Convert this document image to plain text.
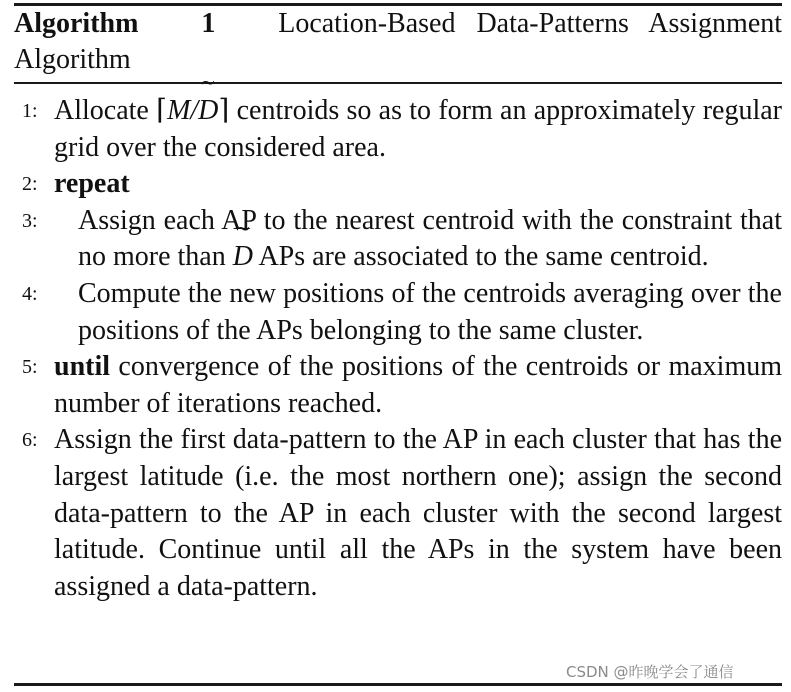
Algorithm 1 Location-Based Data-Patterns Assignment Algorithm
1: Allocate ⌈M/˜ D⌉ centroids so as to form an approximately regular grid over the considered area.
2: repeat
3:	Assign each AP to the nearest centroid with the constraint that no more than ˜ D APs are associated to the same centroid.
4:	Compute the new positions of the centroids averaging over the positions of the APs belonging to the same cluster.
5: until convergence of the positions of the centroids or maximum number of iterations reached.
6: Assign the first data-pattern to the AP in each cluster that has the largest latitude (i.e. the most northern one); assign the second data-pattern to the AP in each cluster with the second largest latitude. Continue until all the APs in the system have been assigned a data-pattern.
CSDN @昨晚学会了通信
